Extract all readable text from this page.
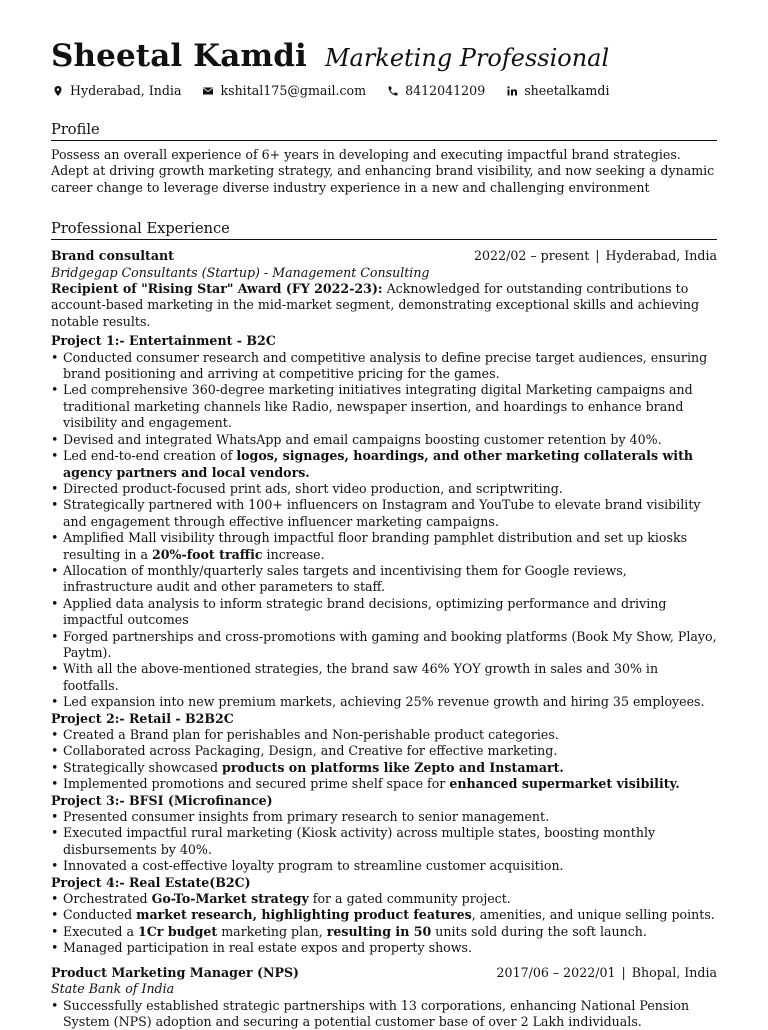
Sheetal Kamdi Marketing Professional
Hyderabad, India	kshital175@gmail.com	8412041209	sheetalkamdi
Profile
Possess an overall experience of 6+ years in developing and executing impactful brand strategies. Adept at driving growth marketing strategy, and enhancing brand visibility, and now seeking a dynamic career change to leverage diverse industry experience in a new and challenging environment
Professional Experience
Brand consultant	2022/02 – present | Hyderabad, India
Bridgegap Consultants (Startup) - Management Consulting
Recipient of "Rising Star" Award (FY 2022-23): Acknowledged for outstanding contributions to account-based marketing in the mid-market segment, demonstrating exceptional skills and achieving notable results.
Project 1:- Entertainment - B2C
• Conducted consumer research and competitive analysis to define precise target audiences, ensuring brand positioning and arriving at competitive pricing for the games.
• Led comprehensive 360-degree marketing initiatives integrating digital Marketing campaigns and traditional marketing channels like Radio, newspaper insertion, and hoardings to enhance brand visibility and engagement.
• Devised and integrated WhatsApp and email campaigns boosting customer retention by 40%.
• Led end-to-end creation of logos, signages, hoardings, and other marketing collaterals with agency partners and local vendors.
• Directed product-focused print ads, short video production, and scriptwriting.
• Strategically partnered with 100+ influencers on Instagram and YouTube to elevate brand visibility and engagement through effective influencer marketing campaigns.
• Amplified Mall visibility through impactful floor branding pamphlet distribution and set up kiosks resulting in a 20%-foot traffic increase.
• Allocation of monthly/quarterly sales targets and incentivising them for Google reviews, infrastructure audit and other parameters to staff.
• Applied data analysis to inform strategic brand decisions, optimizing performance and driving impactful outcomes
• Forged partnerships and cross-promotions with gaming and booking platforms (Book My Show, Playo, Paytm).
• With all the above-mentioned strategies, the brand saw 46% YOY growth in sales and 30% in footfalls.
• Led expansion into new premium markets, achieving 25% revenue growth and hiring 35 employees.
Project 2:- Retail - B2B2C
• Created a Brand plan for perishables and Non-perishable product categories.
• Collaborated across Packaging, Design, and Creative for effective marketing.
• Strategically showcased products on platforms like Zepto and Instamart.
• Implemented promotions and secured prime shelf space for enhanced supermarket visibility.
Project 3:- BFSI (Microfinance)
• Presented consumer insights from primary research to senior management.
• Executed impactful rural marketing (Kiosk activity) across multiple states, boosting monthly disbursements by 40%.
• Innovated a cost-effective loyalty program to streamline customer acquisition.
Project 4:- Real Estate(B2C)
• Orchestrated Go-To-Market strategy for a gated community project.
• Conducted market research, highlighting product features, amenities, and unique selling points.
• Executed a 1Cr budget marketing plan, resulting in 50 units sold during the soft launch.
• Managed participation in real estate expos and property shows.
Product Marketing Manager (NPS)	2017/06 – 2022/01 | Bhopal, India
State Bank of India
• Successfully established strategic partnerships with 13 corporations, enhancing National Pension System (NPS) adoption and securing a potential customer base of over 2 Lakh individuals.
